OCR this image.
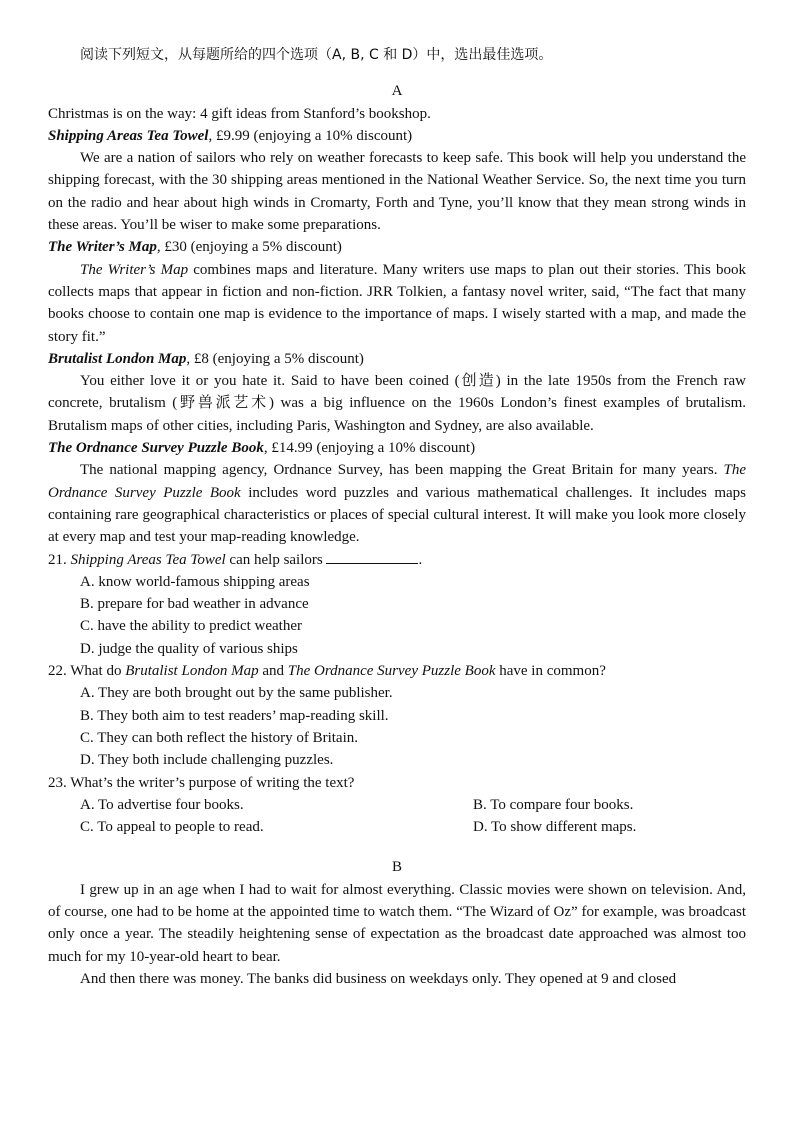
阅读下列短文，从每题所给的四个选项（A, B, C 和 D）中，选出最佳选项。

A

Christmas is on the way: 4 gift ideas from Stanford’s bookshop.

Shipping Areas Tea Towel, £9.99 (enjoying a 10% discount)

We are a nation of sailors who rely on weather forecasts to keep safe. This book will help you understand the shipping forecast, with the 30 shipping areas mentioned in the National Weather Service. So, the next time you turn on the radio and hear about high winds in Cromarty, Forth and Tyne, you’ll know that they mean strong winds in these areas. You’ll be wiser to make some preparations.

The Writer’s Map, £30 (enjoying a 5% discount)

The Writer’s Map combines maps and literature. Many writers use maps to plan out their stories. This book collects maps that appear in fiction and non-fiction. JRR Tolkien, a fantasy novel writer, said, “The fact that many books choose to contain one map is evidence to the importance of maps. I wisely started with a map, and made the story fit.”

Brutalist London Map, £8 (enjoying a 5% discount)

You either love it or you hate it. Said to have been coined (创造) in the late 1950s from the French raw concrete, brutalism (野兽派艺术) was a big influence on the 1960s London’s finest examples of brutalism. Brutalism maps of other cities, including Paris, Washington and Sydney, are also available.

The Ordnance Survey Puzzle Book, £14.99 (enjoying a 10% discount)

The national mapping agency, Ordnance Survey, has been mapping the Great Britain for many years. The Ordnance Survey Puzzle Book includes word puzzles and various mathematical challenges. It includes maps containing rare geographical characteristics or places of special cultural interest. It will make you look more closely at every map and test your map-reading knowledge.

21. Shipping Areas Tea Towel can help sailors	.

A. know world-famous shipping areas

B. prepare for bad weather in advance

C. have the ability to predict weather

D. judge the quality of various ships

22. What do Brutalist London Map and The Ordnance Survey Puzzle Book have in common?

A. They are both brought out by the same publisher.

B. They both aim to test readers’ map-reading skill.

C. They can both reflect the history of Britain.

D. They both include challenging puzzles.

23. What’s the writer’s purpose of writing the text?

A. To advertise four books.	B. To compare four books.
C. To appeal to people to read.	D. To show different maps.

B

I grew up in an age when I had to wait for almost everything. Classic movies were shown on television. And, of course, one had to be home at the appointed time to watch them. “The Wizard of Oz” for example, was broadcast only once a year. The steadily heightening sense of expectation as the broadcast date approached was almost too much for my 10-year-old heart to bear.

And then there was money. The banks did business on weekdays only. They opened at 9 and closed
